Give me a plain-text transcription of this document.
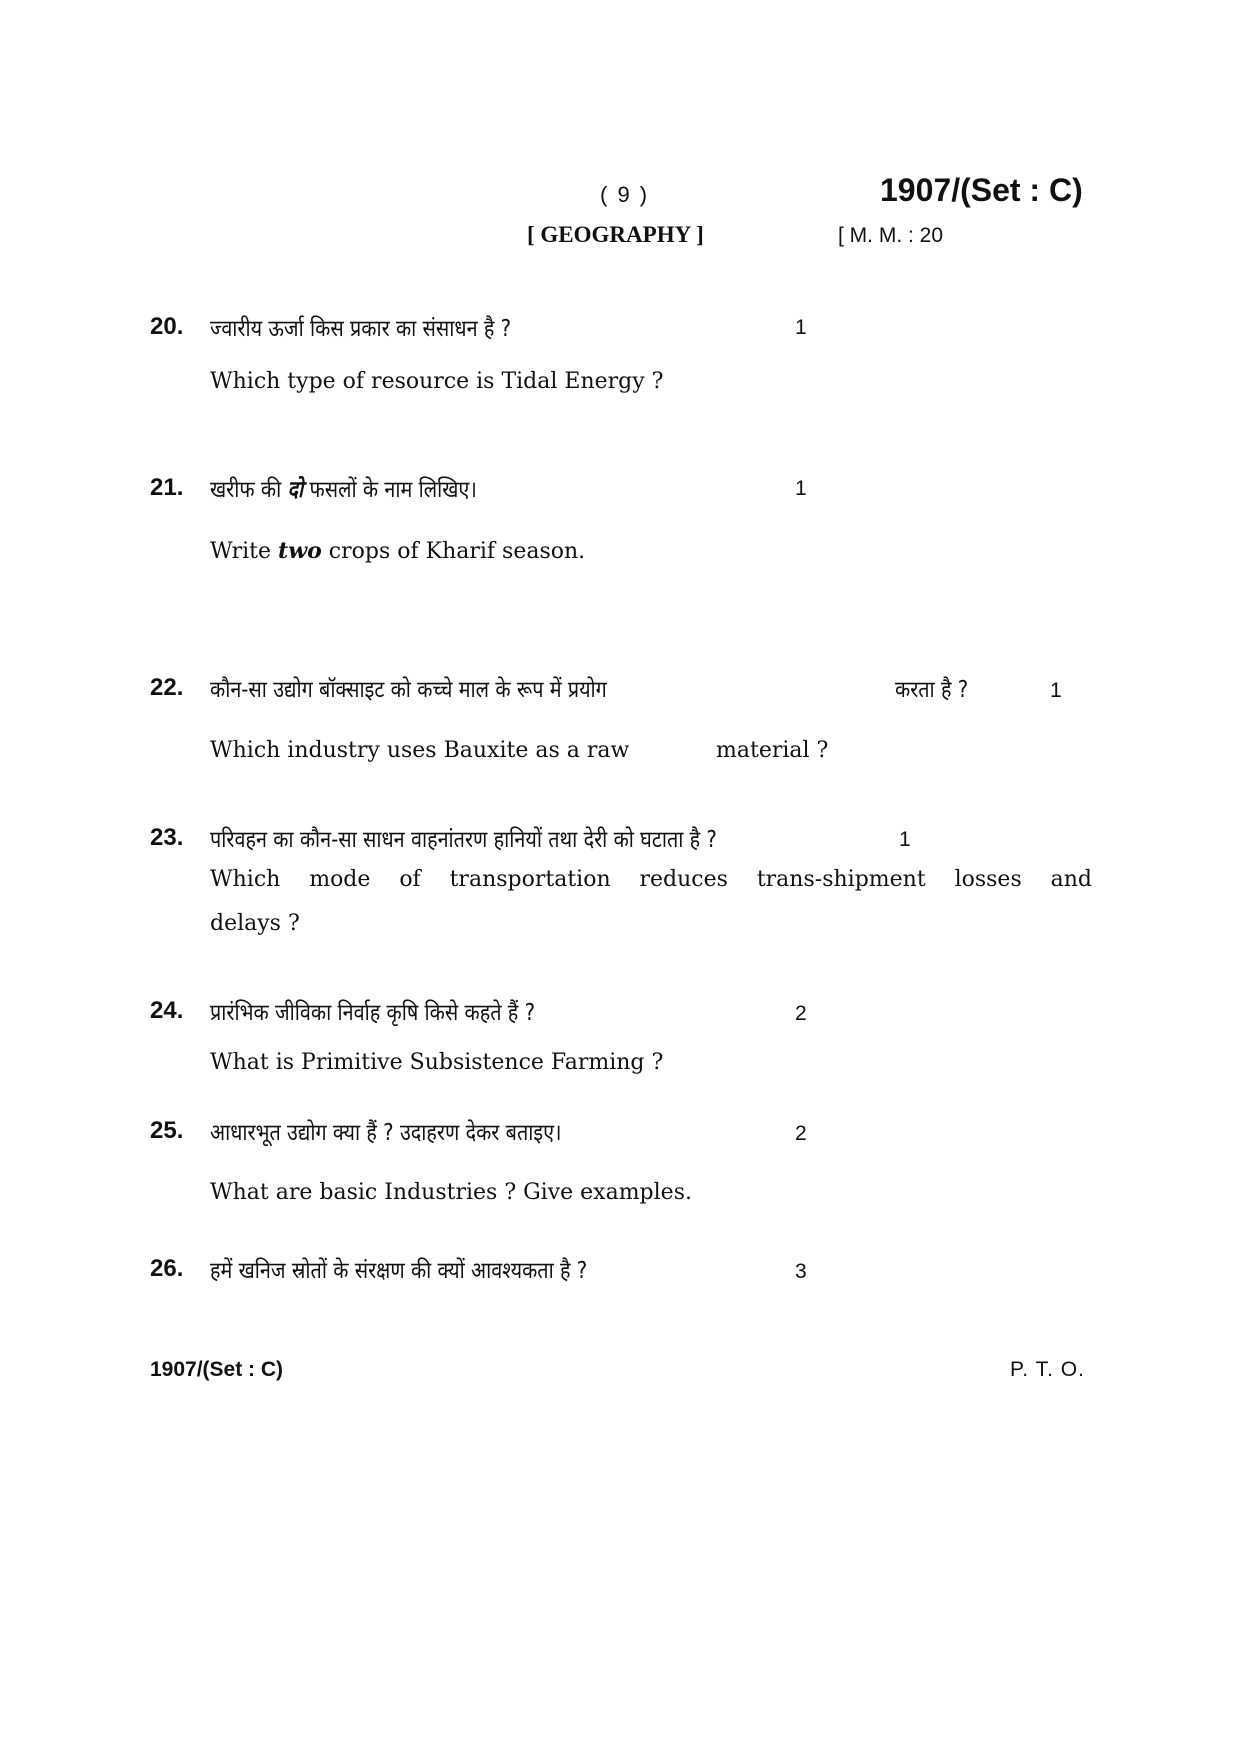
( 9 )	1907/(Set : C)
[ GEOGRAPHY ]	[ M. M. : 20
20. ज्वारीय ऊर्जा किस प्रकार का संसाधन है ?	1
Which type of resource is Tidal Energy ?
21. खरीफ की दो फसलों के नाम लिखिए।	1
Write two crops of Kharif season.
22. कौन-सा उद्योग बॉक्साइट को कच्चे माल के रूप में प्रयोग	करता है ?	1
Which industry uses Bauxite as a raw	material ?
23. परिवहन का कौन-सा साधन वाहनांतरण हानियों तथा देरी को घटाता है ?	1
Which mode of transportation reduces trans-shipment losses and
delays ?
24. प्रारंभिक जीविका निर्वाह कृषि किसे कहते हैं ?	2
What is Primitive Subsistence Farming ?
25. आधारभूत उद्योग क्या हैं ? उदाहरण देकर बताइए।	2
What are basic Industries ? Give examples.
26. हमें खनिज स्रोतों के संरक्षण की क्यों आवश्यकता है ?	3
1907/(Set : C)	P. T. O.
